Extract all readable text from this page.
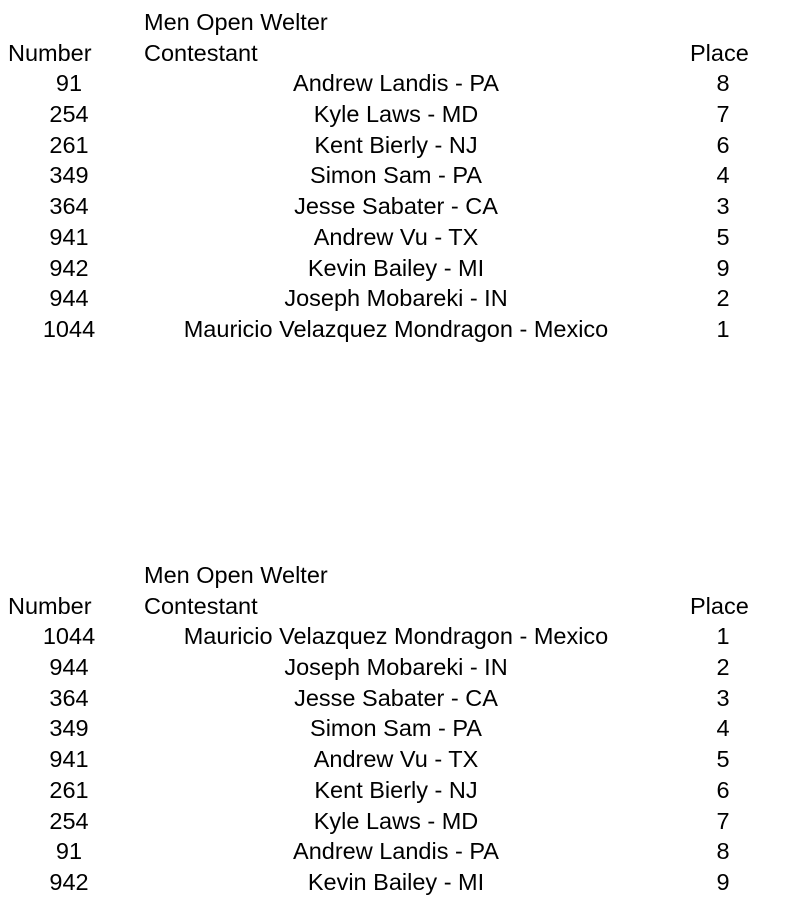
Men Open Welter
Number Contestant	Place
91	Andrew Landis - PA	8
254	Kyle Laws - MD	7
261	Kent Bierly - NJ	6
349	Simon Sam - PA	4
364	Jesse Sabater - CA	3
941	Andrew Vu - TX	5
942	Kevin Bailey - MI	9
944	Joseph Mobareki - IN	2
1044	Mauricio Velazquez Mondragon - Mexico	1
Men Open Welter
Number Contestant	Place
1044	Mauricio Velazquez Mondragon - Mexico	1
944	Joseph Mobareki - IN	2
364	Jesse Sabater - CA	3
349	Simon Sam - PA	4
941	Andrew Vu - TX	5
261	Kent Bierly - NJ	6
254	Kyle Laws - MD	7
91	Andrew Landis - PA	8
942	Kevin Bailey - MI	9
